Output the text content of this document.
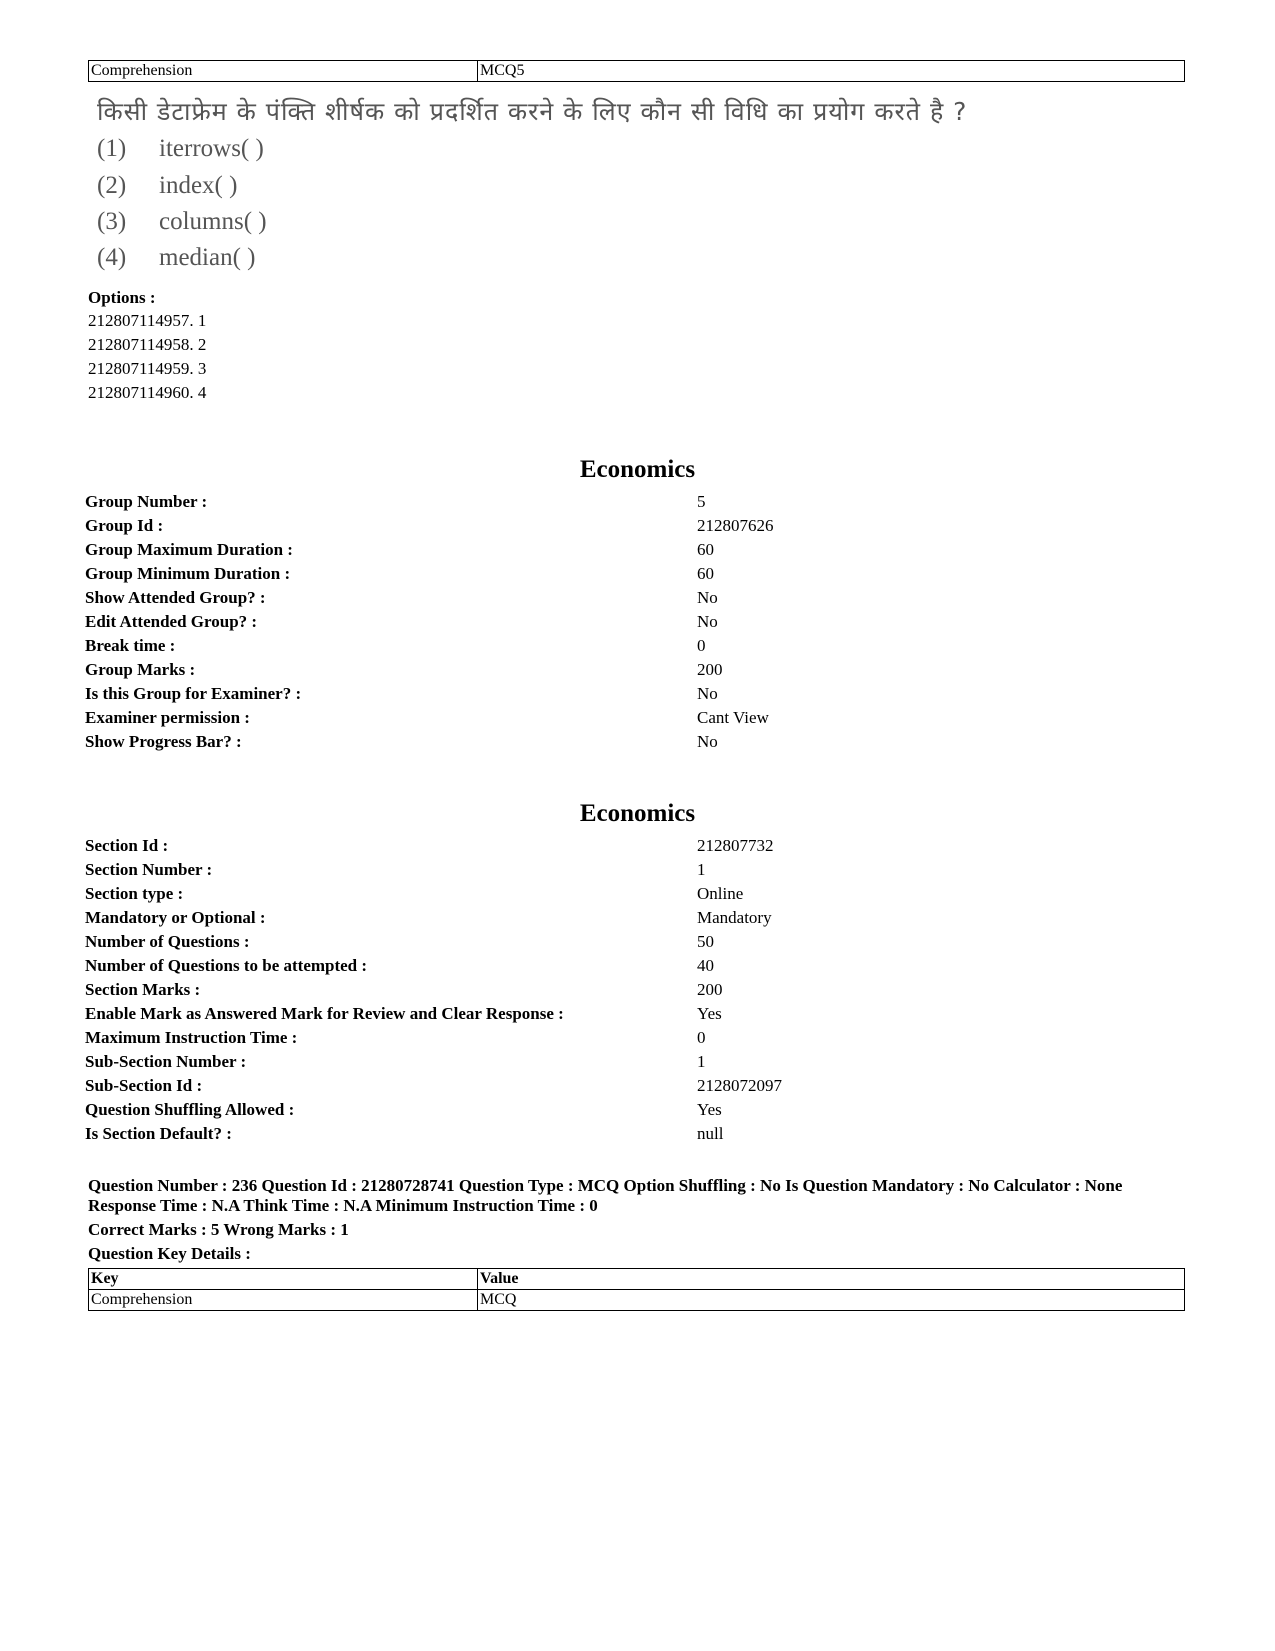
Comprehension	MCQ5
किसी डेटाफ्रेम के पंक्ति शीर्षक को प्रदर्शित करने के लिए कौन सी विधि का प्रयोग करते है ?
(1) iterrows( )
(2) index( )
(3) columns( )
(4) median( )
Options :
212807114957. 1
212807114958. 2
212807114959. 3
212807114960. 4
Economics
Group Number :	5
Group Id :	212807626
Group Maximum Duration :	60
Group Minimum Duration :	60
Show Attended Group? :	No
Edit Attended Group? :	No
Break time :	0
Group Marks :	200
Is this Group for Examiner? :	No
Examiner permission :	Cant View
Show Progress Bar? :	No
Economics
Section Id :	212807732
Section Number :	1
Section type :	Online
Mandatory or Optional :	Mandatory
Number of Questions :	50
Number of Questions to be attempted :	40
Section Marks :	200
Enable Mark as Answered Mark for Review and Clear Response :	Yes
Maximum Instruction Time :	0
Sub-Section Number :	1
Sub-Section Id :	2128072097
Question Shuffling Allowed :	Yes
Is Section Default? :	null
Question Number : 236 Question Id : 21280728741 Question Type : MCQ Option Shuffling : No Is Question Mandatory : No Calculator : None
Response Time : N.A Think Time : N.A Minimum Instruction Time : 0
Correct Marks : 5 Wrong Marks : 1
Question Key Details :
Key	Value
Comprehension	MCQ
